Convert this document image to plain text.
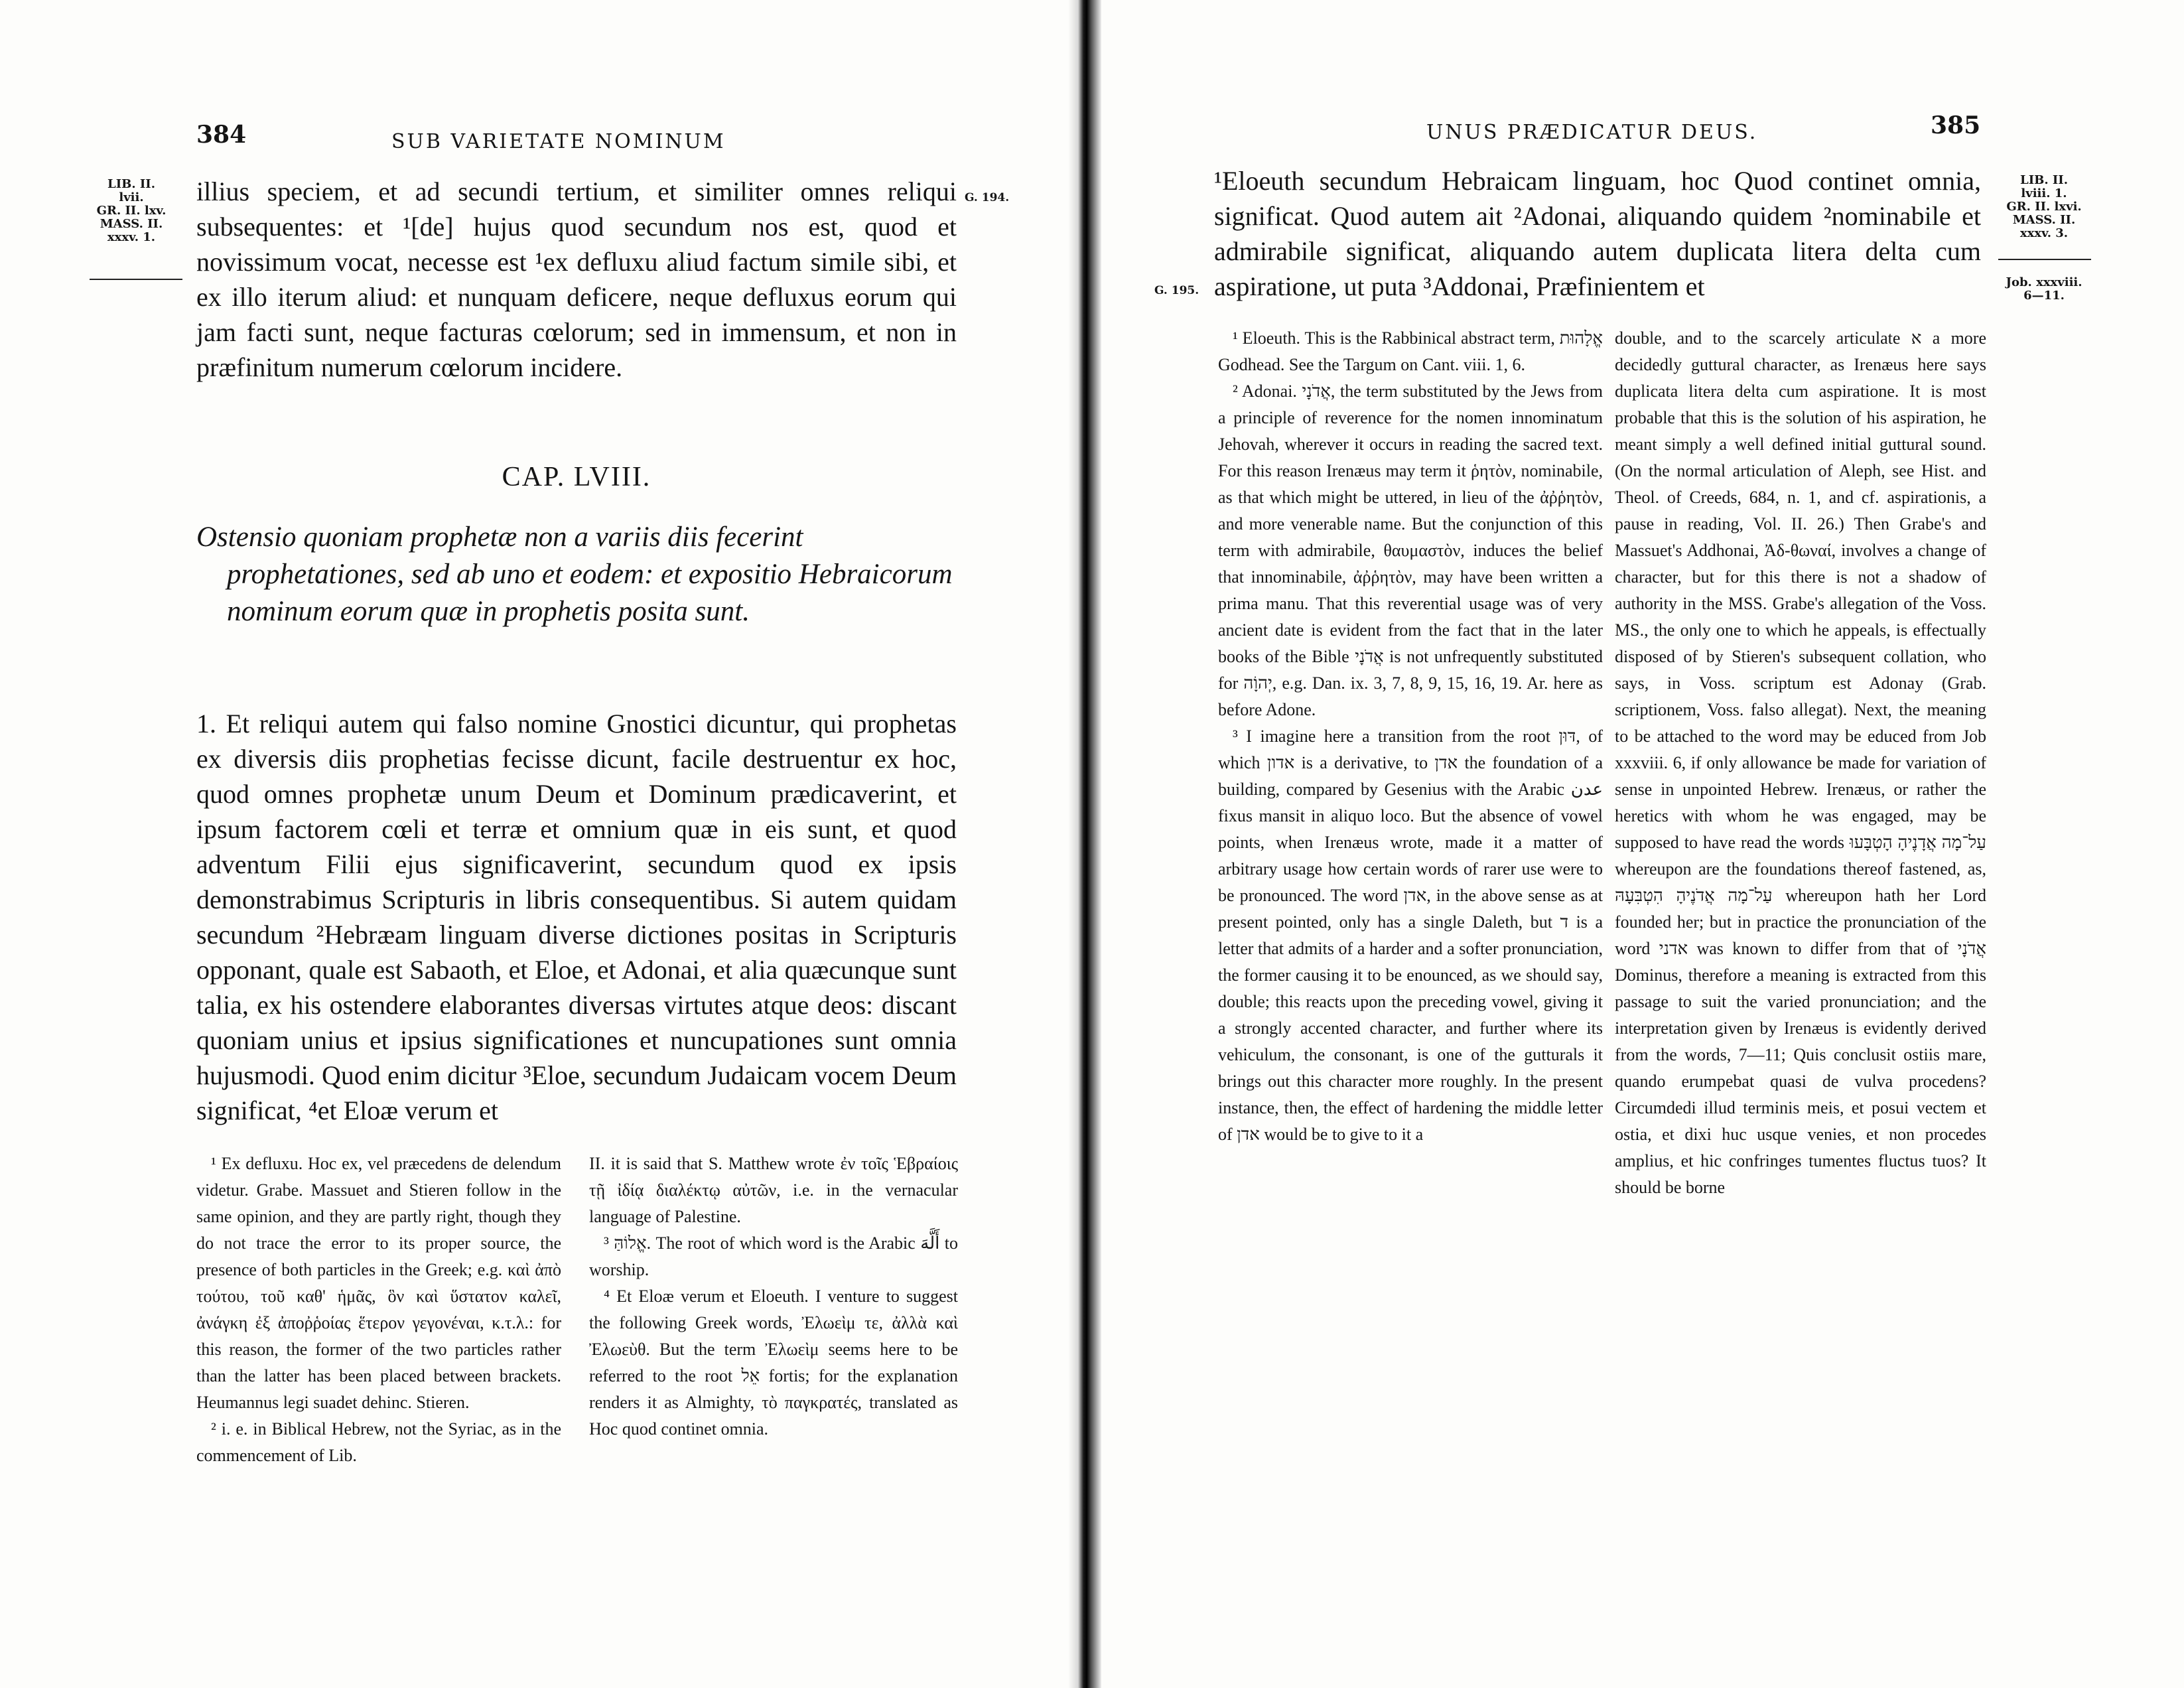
384	SUB VARIETATE NOMINUM
LIB. II.
lvii.
GR. II. lxv.
MASS. II.
xxxv. 1.
G. 194.

illius speciem, et ad secundi tertium, et similiter omnes reliqui subsequentes: et ¹[de] hujus quod secundum nos est, quod et novissimum vocat, necesse est ¹ex defluxu aliud factum simile sibi, et ex illo iterum aliud: et nunquam deficere, neque defluxus eorum qui jam facti sunt, neque facturas cœlorum; sed in immensum, et non in præfinitum numerum cœlorum incidere.

CAP. LVIII.

Ostensio quoniam prophetæ non a variis diis fecerint prophetationes, sed ab uno et eodem: et expositio Hebraicorum nominum eorum quæ in prophetis posita sunt.

1. Et reliqui autem qui falso nomine Gnostici dicuntur, qui prophetas ex diversis diis prophetias fecisse dicunt, facile destruentur ex hoc, quod omnes prophetæ unum Deum et Dominum prædicaverint, et ipsum factorem cœli et terræ et omnium quæ in eis sunt, et quod adventum Filii ejus significaverint, secundum quod ex ipsis demonstrabimus Scripturis in libris consequentibus. Si autem quidam secundum ²Hebræam linguam diverse dictiones positas in Scripturis opponant, quale est Sabaoth, et Eloe, et Adonai, et alia quæcunque sunt talia, ex his ostendere elaborantes diversas virtutes atque deos: discant quoniam unius et ipsius significationes et nuncupationes sunt omnia hujusmodi. Quod enim dicitur ³Eloe, secundum Judaicam vocem Deum significat, ⁴et Eloæ verum et

¹ Ex defluxu. Hoc ex, vel præcedens de delendum videtur. Grabe. Massuet and Stieren follow in the same opinion, and they are partly right, though they do not trace the error to its proper source, the presence of both particles in the Greek; e.g. καὶ ἀπὸ τούτου, τοῦ καθ' ἡμᾶς, ὃν καὶ ὕστατον καλεῖ, ἀνάγκη ἐξ ἀποῤῥοίας ἕτερον γεγονέναι, κ.τ.λ.: for this reason, the former of the two particles rather than the latter has been placed between brackets. Heumannus legi suadet dehinc. Stieren.

² i. e. in Biblical Hebrew, not the Syriac, as in the commencement of Lib.

II. it is said that S. Matthew wrote ἐν τοῖς Ἑβραίοις τῇ ἰδίᾳ διαλέκτῳ αὐτῶν, i.e. in the vernacular language of Palestine.

³ אֱלוֹהַּ. The root of which word is the Arabic أَلَّهَ to worship.

⁴ Et Eloæ verum et Eloeuth. I venture to suggest the following Greek words, Ἐλωεὶμ τε, ἀλλὰ καὶ Ἐλωεὺθ. But the term Ἐλωεὶμ seems here to be referred to the root אֵל fortis; for the explanation renders it as Almighty, τὸ παγκρατές, translated as Hoc quod continet omnia.

UNUS PRÆDICATUR DEUS.	385
LIB. II.
lviii. 1.
GR. II. lxvi.
MASS. II.
xxxv. 3.
Job. xxxviii.
6—11.
G. 195.

¹Eloeuth secundum Hebraicam linguam, hoc Quod continet omnia, significat. Quod autem ait ²Adonai, aliquando quidem ²nominabile et admirabile significat, aliquando autem duplicata litera delta cum aspiratione, ut puta ³Addonai, Præfinientem et

¹ Eloeuth. This is the Rabbinical abstract term, אֱלָהוּת Godhead. See the Targum on Cant. viii. 1, 6.

² Adonai. אֲדֹנָי, the term substituted by the Jews from a principle of reverence for the nomen innominatum Jehovah, wherever it occurs in reading the sacred text. For this reason Irenæus may term it ῥητὸν, nominabile, as that which might be uttered, in lieu of the ἀῤῥητὸν, and more venerable name. But the conjunction of this term with admirabile, θαυμαστὸν, induces the belief that innominabile, ἀῤῥητὸν, may have been written a prima manu. That this reverential usage was of very ancient date is evident from the fact that in the later books of the Bible אֲדֹנָי is not unfrequently substituted for יְהוָֹה, e.g. Dan. ix. 3, 7, 8, 9, 15, 16, 19. Ar. here as before Adone.

³ I imagine here a transition from the root דּוּן, of which אדון is a derivative, to אדן the foundation of a building, compared by Gesenius with the Arabic عدن fixus mansit in aliquo loco. But the absence of vowel points, when Irenæus wrote, made it a matter of arbitrary usage how certain words of rarer use were to be pronounced. The word אדן, in the above sense as at present pointed, only has a single Daleth, but ד is a letter that admits of a harder and a softer pronunciation, the former causing it to be enounced, as we should say, double; this reacts upon the preceding vowel, giving it a strongly accented character, and further where its vehiculum, the consonant, is one of the gutturals it brings out this character more roughly. In the present instance, then, the effect of hardening the middle letter of אדן would be to give to it a

double, and to the scarcely articulate א a more decidedly guttural character, as Irenæus here says duplicata litera delta cum aspiratione. It is most probable that this is the solution of his aspiration, he meant simply a well defined initial guttural sound. (On the normal articulation of Aleph, see Hist. and Theol. of Creeds, 684, n. 1, and cf. aspirationis, a pause in reading, Vol. II. 26.) Then Grabe's and Massuet's Addhonai, Ἀδ-θωναί, involves a change of character, but for this there is not a shadow of authority in the MSS. Grabe's allegation of the Voss. MS., the only one to which he appeals, is effectually disposed of by Stieren's subsequent collation, who says, in Voss. scriptum est Adonay (Grab. scriptionem, Voss. falso allegat). Next, the meaning to be attached to the word may be educed from Job xxxviii. 6, if only allowance be made for variation of sense in unpointed Hebrew. Irenæus, or rather the heretics with whom he was engaged, may be supposed to have read the words עַל־מָה אֲדָנֶיהָ הָטְבָּעוּ whereupon are the foundations thereof fastened, as, עַל־מָה אֲדֹנֶיהָ הִטְבִּעָהּ whereupon hath her Lord founded her; but in practice the pronunciation of the word אדני was known to differ from that of אֲדֹנָי Dominus, therefore a meaning is extracted from this passage to suit the varied pronunciation; and the interpretation given by Irenæus is evidently derived from the words, 7—11; Quis conclusit ostiis mare, quando erumpebat quasi de vulva procedens? Circumdedi illud terminis meis, et posui vectem et ostia, et dixi huc usque venies, et non procedes amplius, et hic confringes tumentes fluctus tuos? It should be borne
